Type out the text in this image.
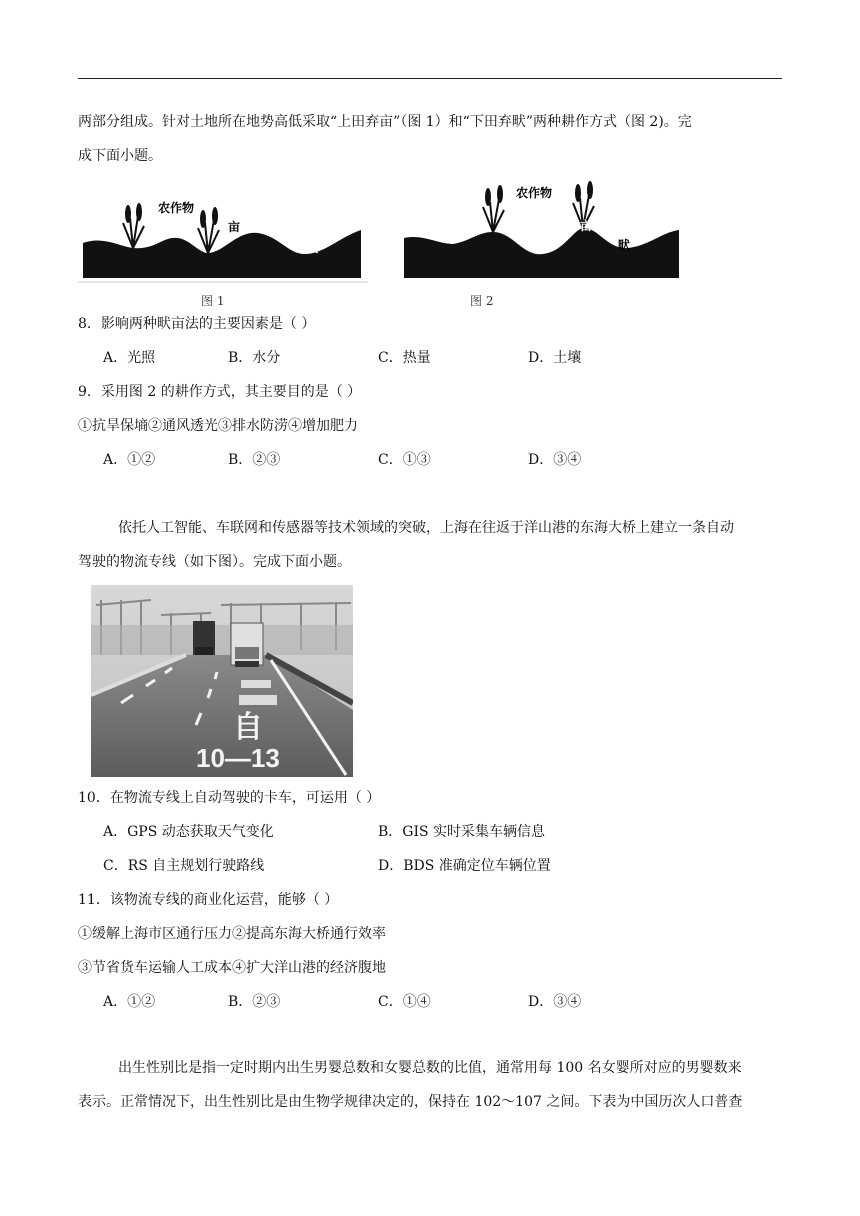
两部分组成。针对土地所在地势高低采取“上田弃亩”（图 1）和“下田弃畎”两种耕作方式（图 2)。完
成下面小题。
农作物
亩
畎
农作物
亩
畎
图 1	图 2
8．影响两种畎亩法的主要因素是（ ）
A．光照	B．水分	C．热量	D．土壤
9．采用图 2 的耕作方式，其主要目的是（ ）
①抗旱保墒②通风透光③排水防涝④增加肥力
A．①②	B．②③	C．①③	D．③④
依托人工智能、车联网和传感器等技术领域的突破，上海在往返于洋山港的东海大桥上建立一条自动
驾驶的物流专线（如下图）。完成下面小题。
自
10—13
10．在物流专线上自动驾驶的卡车，可运用（ ）
A．GPS 动态获取天气变化	B．GIS 实时采集车辆信息
C．RS 自主规划行驶路线	D．BDS 准确定位车辆位置
11．该物流专线的商业化运营，能够（ ）
①缓解上海市区通行压力②提高东海大桥通行效率
③节省货车运输人工成本④扩大洋山港的经济腹地
A．①②	B．②③	C．①④	D．③④
出生性别比是指一定时期内出生男婴总数和女婴总数的比值，通常用每 100 名女婴所对应的男婴数来
表示。正常情况下，出生性别比是由生物学规律决定的，保持在 102～107 之间。下表为中国历次人口普查
